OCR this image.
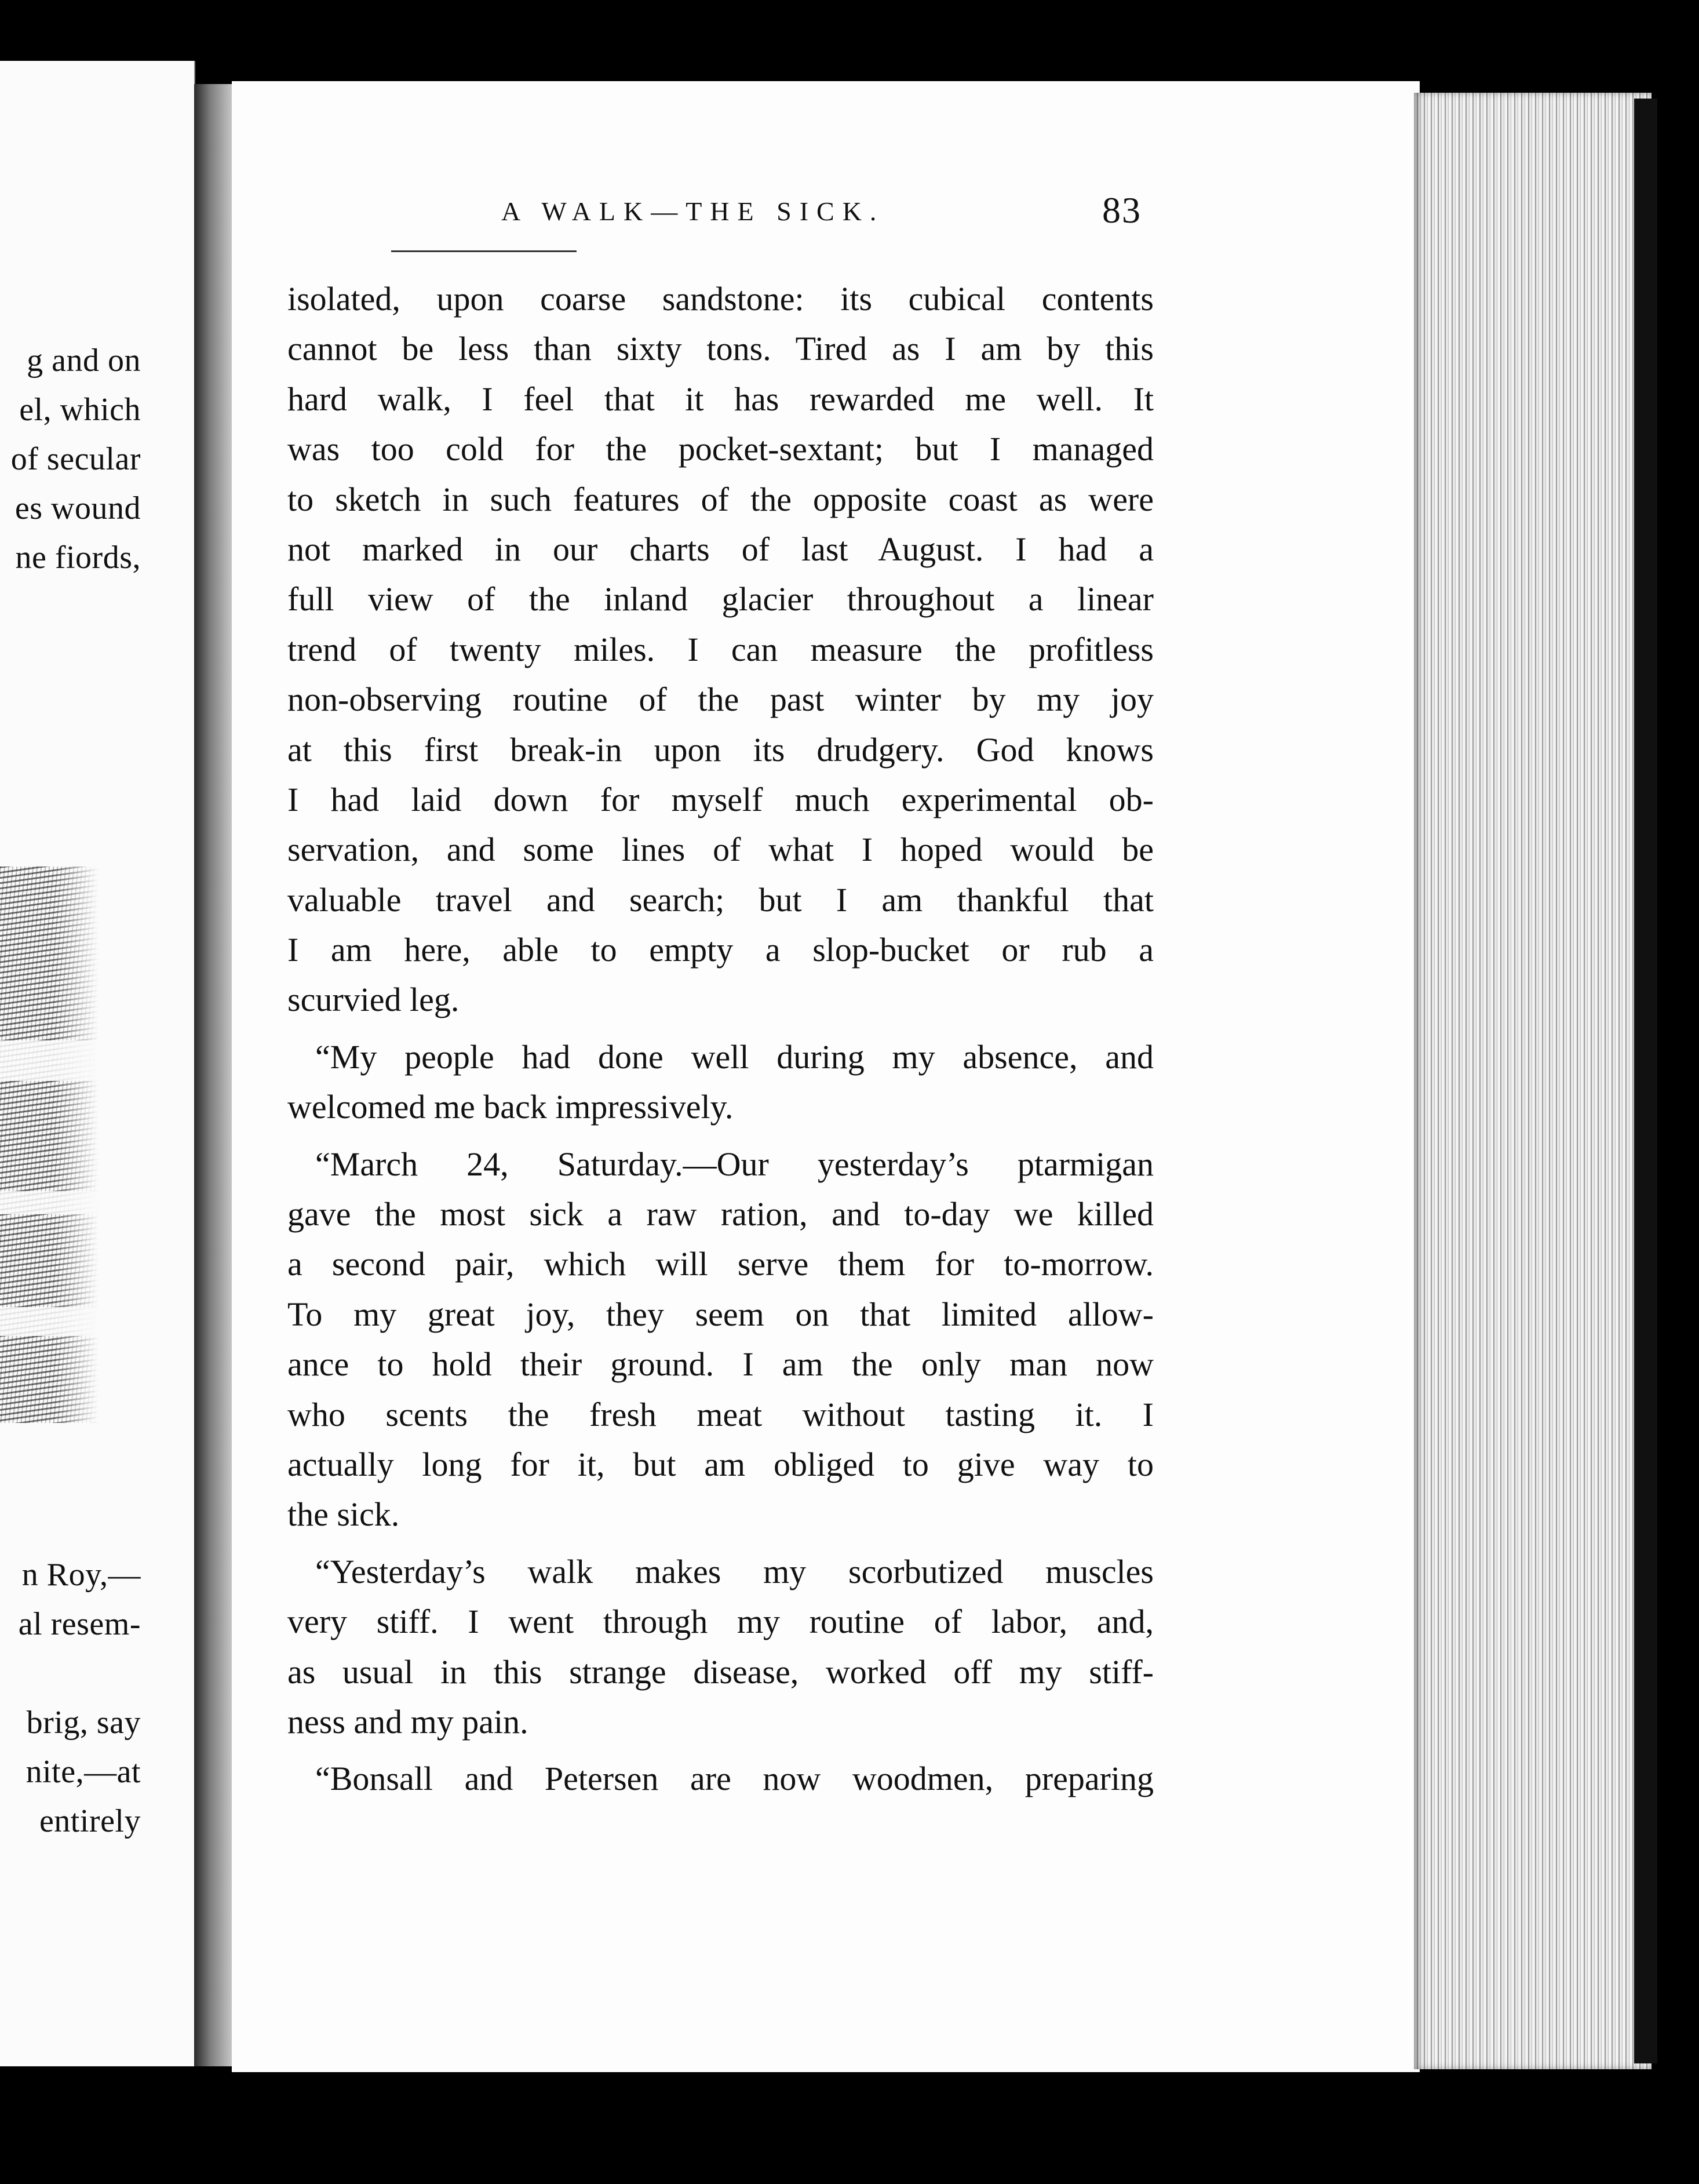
g and on
el, which
of secular
es wound
ne fiords,
n Roy,—
al resem-
brig, say
nite,—at
entirely
A WALK—THE SICK.	83
isolated, upon coarse sandstone: its cubical contents
cannot be less than sixty tons. Tired as I am by this
hard walk, I feel that it has rewarded me well. It
was too cold for the pocket-sextant; but I managed
to sketch in such features of the opposite coast as were
not marked in our charts of last August. I had a
full view of the inland glacier throughout a linear
trend of twenty miles. I can measure the profitless
non-observing routine of the past winter by my joy
at this first break-in upon its drudgery. God knows
I had laid down for myself much experimental ob-
servation, and some lines of what I hoped would be
valuable travel and search; but I am thankful that
I am here, able to empty a slop-bucket or rub a
scurvied leg.
“My people had done well during my absence, and
welcomed me back impressively.
“March 24, Saturday.—Our yesterday’s ptarmigan
gave the most sick a raw ration, and to-day we killed
a second pair, which will serve them for to-morrow.
To my great joy, they seem on that limited allow-
ance to hold their ground. I am the only man now
who scents the fresh meat without tasting it. I
actually long for it, but am obliged to give way to
the sick.
“Yesterday’s walk makes my scorbutized muscles
very stiff. I went through my routine of labor, and,
as usual in this strange disease, worked off my stiff-
ness and my pain.
“Bonsall and Petersen are now woodmen, preparing
